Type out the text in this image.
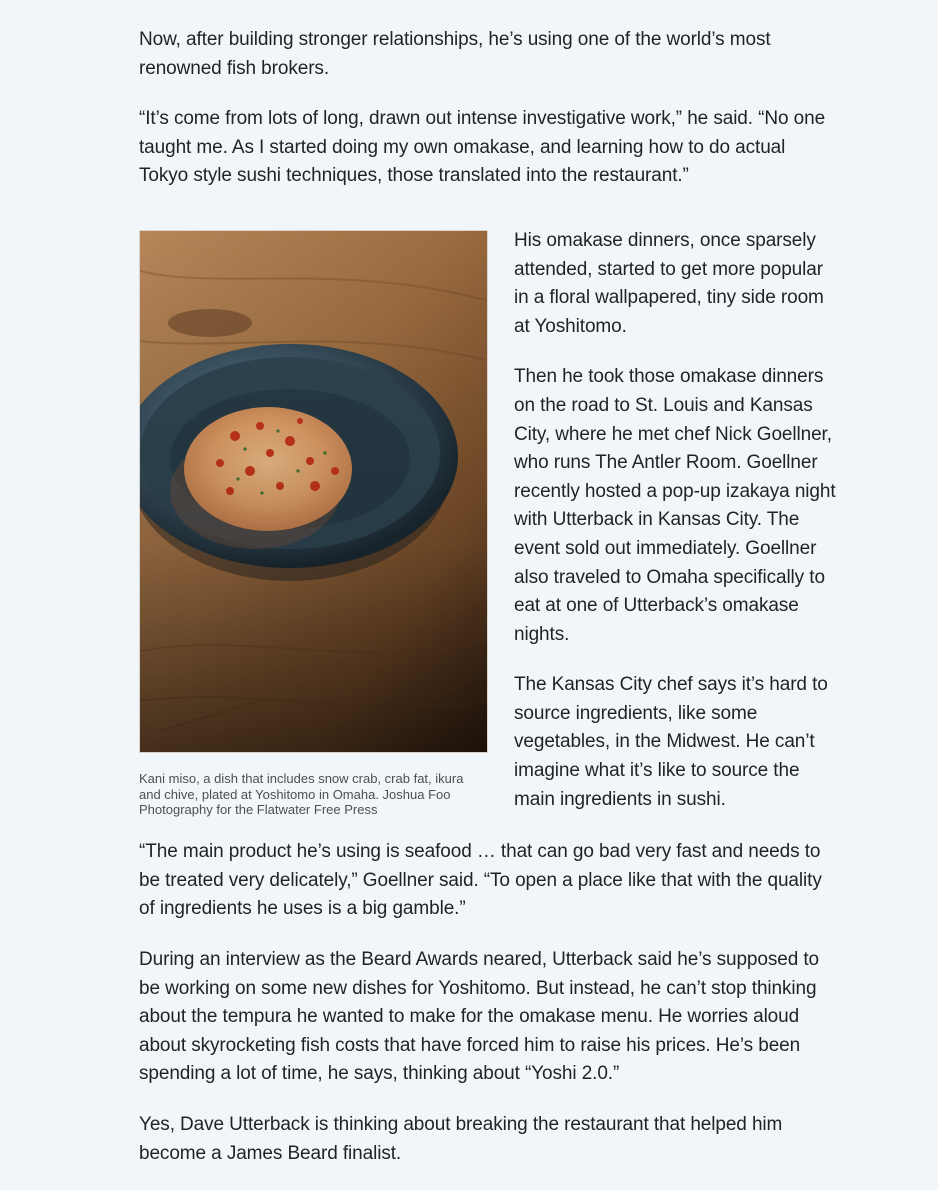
Now, after building stronger relationships, he’s using one of the world’s most renowned fish brokers.

“It’s come from lots of long, drawn out intense investigative work,” he said. “No one taught me. As I started doing my own omakase, and learning how to do actual Tokyo style sushi techniques, those translated into the restaurant.”

Kani miso, a dish that includes snow crab, crab fat, ikura and chive, plated at Yoshitomo in Omaha. Joshua Foo Photography for the Flatwater Free Press

His omakase dinners, once sparsely attended, started to get more popular in a floral wallpapered, tiny side room at Yoshitomo.

Then he took those omakase dinners on the road to St. Louis and Kansas City, where he met chef Nick Goellner, who runs The Antler Room. Goellner recently hosted a pop-up izakaya night with Utterback in Kansas City. The event sold out immediately. Goellner also traveled to Omaha specifically to eat at one of Utterback’s omakase nights.

The Kansas City chef says it’s hard to source ingredients, like some vegetables, in the Midwest. He can’t imagine what it’s like to source the main ingredients in sushi.

“The main product he’s using is seafood … that can go bad very fast and needs to be treated very delicately,” Goellner said. “To open a place like that with the quality of ingredients he uses is a big gamble.”

During an interview as the Beard Awards neared, Utterback said he’s supposed to be working on some new dishes for Yoshitomo. But instead, he can’t stop thinking about the tempura he wanted to make for the omakase menu. He worries aloud about skyrocketing fish costs that have forced him to raise his prices. He’s been spending a lot of time, he says, thinking about “Yoshi 2.0.”

Yes, Dave Utterback is thinking about breaking the restaurant that helped him become a James Beard finalist.
